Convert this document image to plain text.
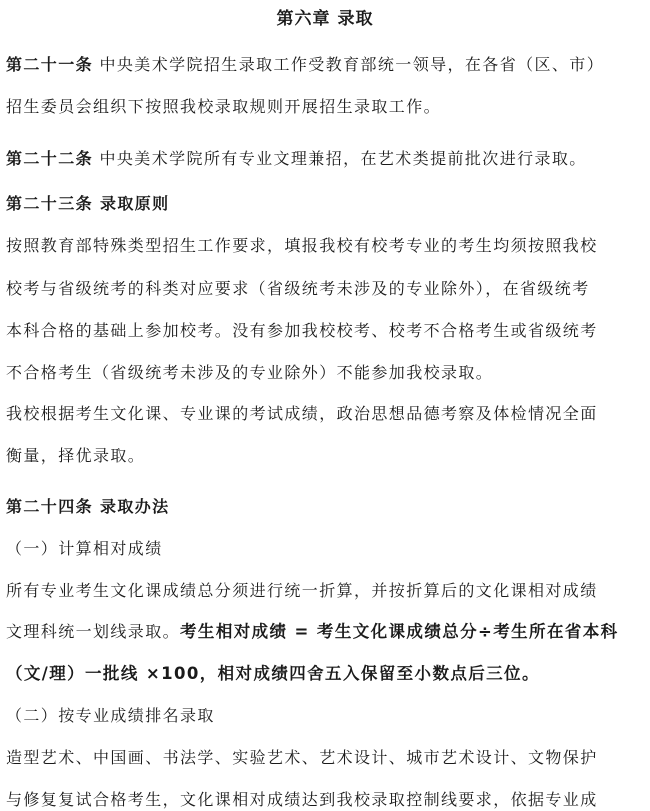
第六章 录取
第二十一条 中央美术学院招生录取工作受教育部统一领导，在各省（区、市）
招生委员会组织下按照我校录取规则开展招生录取工作。
第二十二条 中央美术学院所有专业文理兼招，在艺术类提前批次进行录取。
第二十三条 录取原则
按照教育部特殊类型招生工作要求，填报我校有校考专业的考生均须按照我校
校考与省级统考的科类对应要求（省级统考未涉及的专业除外），在省级统考
本科合格的基础上参加校考。没有参加我校校考、校考不合格考生或省级统考
不合格考生（省级统考未涉及的专业除外）不能参加我校录取。
我校根据考生文化课、专业课的考试成绩，政治思想品德考察及体检情况全面
衡量，择优录取。
第二十四条 录取办法
（一）计算相对成绩
所有专业考生文化课成绩总分须进行统一折算，并按折算后的文化课相对成绩
文理科统一划线录取。考生相对成绩 = 考生文化课成绩总分÷考生所在省本科
（文/理）一批线 ×100，相对成绩四舍五入保留至小数点后三位。
（二）按专业成绩排名录取
造型艺术、中国画、书法学、实验艺术、艺术设计、城市艺术设计、文物保护
与修复复试合格考生，文化课相对成绩达到我校录取控制线要求，依据专业成
